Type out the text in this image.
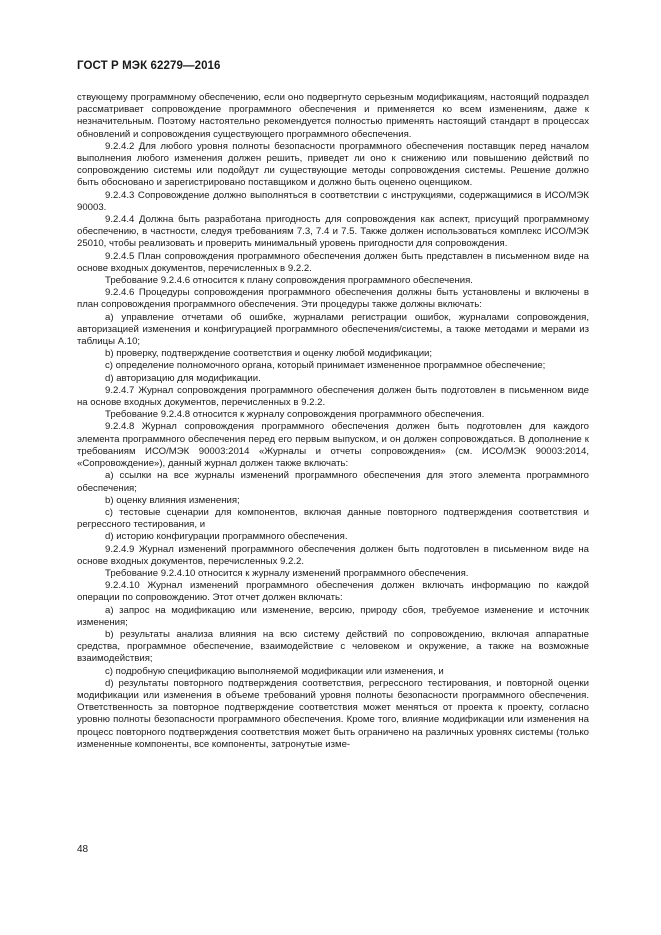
ГОСТ Р МЭК 62279—2016

ствующему программному обеспечению, если оно подвергнуто серьезным модификациям, настоящий подраздел рассматривает сопровождение программного обеспечения и применяется ко всем изменениям, даже к незначительным. Поэтому настоятельно рекомендуется полностью применять настоящий стандарт в процессах обновлений и сопровождения существующего программного обеспечения.

9.2.4.2 Для любого уровня полноты безопасности программного обеспечения поставщик перед началом выполнения любого изменения должен решить, приведет ли оно к снижению или повышению действий по сопровождению системы или подойдут ли существующие методы сопровождения системы. Решение должно быть обосновано и зарегистрировано поставщиком и должно быть оценено оценщиком.

9.2.4.3 Сопровождение должно выполняться в соответствии с инструкциями, содержащимися в ИСО/МЭК 90003.

9.2.4.4 Должна быть разработана пригодность для сопровождения как аспект, присущий программному обеспечению, в частности, следуя требованиям 7.3, 7.4 и 7.5. Также должен использоваться комплекс ИСО/МЭК 25010, чтобы реализовать и проверить минимальный уровень пригодности для сопровождения.

9.2.4.5 План сопровождения программного обеспечения должен быть представлен в письменном виде на основе входных документов, перечисленных в 9.2.2.

Требование 9.2.4.6 относится к плану сопровождения программного обеспечения.

9.2.4.6 Процедуры сопровождения программного обеспечения должны быть установлены и включены в план сопровождения программного обеспечения. Эти процедуры также должны включать:

a) управление отчетами об ошибке, журналами регистрации ошибок, журналами сопровождения, авторизацией изменения и конфигурацией программного обеспечения/системы, а также методами и мерами из таблицы А.10;

b) проверку, подтверждение соответствия и оценку любой модификации;

c) определение полномочного органа, который принимает измененное программное обеспечение;

d) авторизацию для модификации.

9.2.4.7 Журнал сопровождения программного обеспечения должен быть подготовлен в письменном виде на основе входных документов, перечисленных в 9.2.2.

Требование 9.2.4.8 относится к журналу сопровождения программного обеспечения.

9.2.4.8 Журнал сопровождения программного обеспечения должен быть подготовлен для каждого элемента программного обеспечения перед его первым выпуском, и он должен сопровождаться. В дополнение к требованиям ИСО/МЭК 90003:2014 «Журналы и отчеты сопровождения» (см. ИСО/МЭК 90003:2014, «Сопровождение»), данный журнал должен также включать:

a) ссылки на все журналы изменений программного обеспечения для этого элемента программного обеспечения;

b) оценку влияния изменения;

c) тестовые сценарии для компонентов, включая данные повторного подтверждения соответствия и регрессного тестирования, и

d) историю конфигурации программного обеспечения.

9.2.4.9 Журнал изменений программного обеспечения должен быть подготовлен в письменном виде на основе входных документов, перечисленных 9.2.2.

Требование 9.2.4.10 относится к журналу изменений программного обеспечения.

9.2.4.10 Журнал изменений программного обеспечения должен включать информацию по каждой операции по сопровождению. Этот отчет должен включать:

a) запрос на модификацию или изменение, версию, природу сбоя, требуемое изменение и источник изменения;

b) результаты анализа влияния на всю систему действий по сопровождению, включая аппаратные средства, программное обеспечение, взаимодействие с человеком и окружение, а также на возможные взаимодействия;

c) подробную спецификацию выполняемой модификации или изменения, и

d) результаты повторного подтверждения соответствия, регрессного тестирования, и повторной оценки модификации или изменения в объеме требований уровня полноты безопасности программного обеспечения. Ответственность за повторное подтверждение соответствия может меняться от проекта к проекту, согласно уровню полноты безопасности программного обеспечения. Кроме того, влияние модификации или изменения на процесс повторного подтверждения соответствия может быть ограничено на различных уровнях системы (только измененные компоненты, все компоненты, затронутые изме-

48
